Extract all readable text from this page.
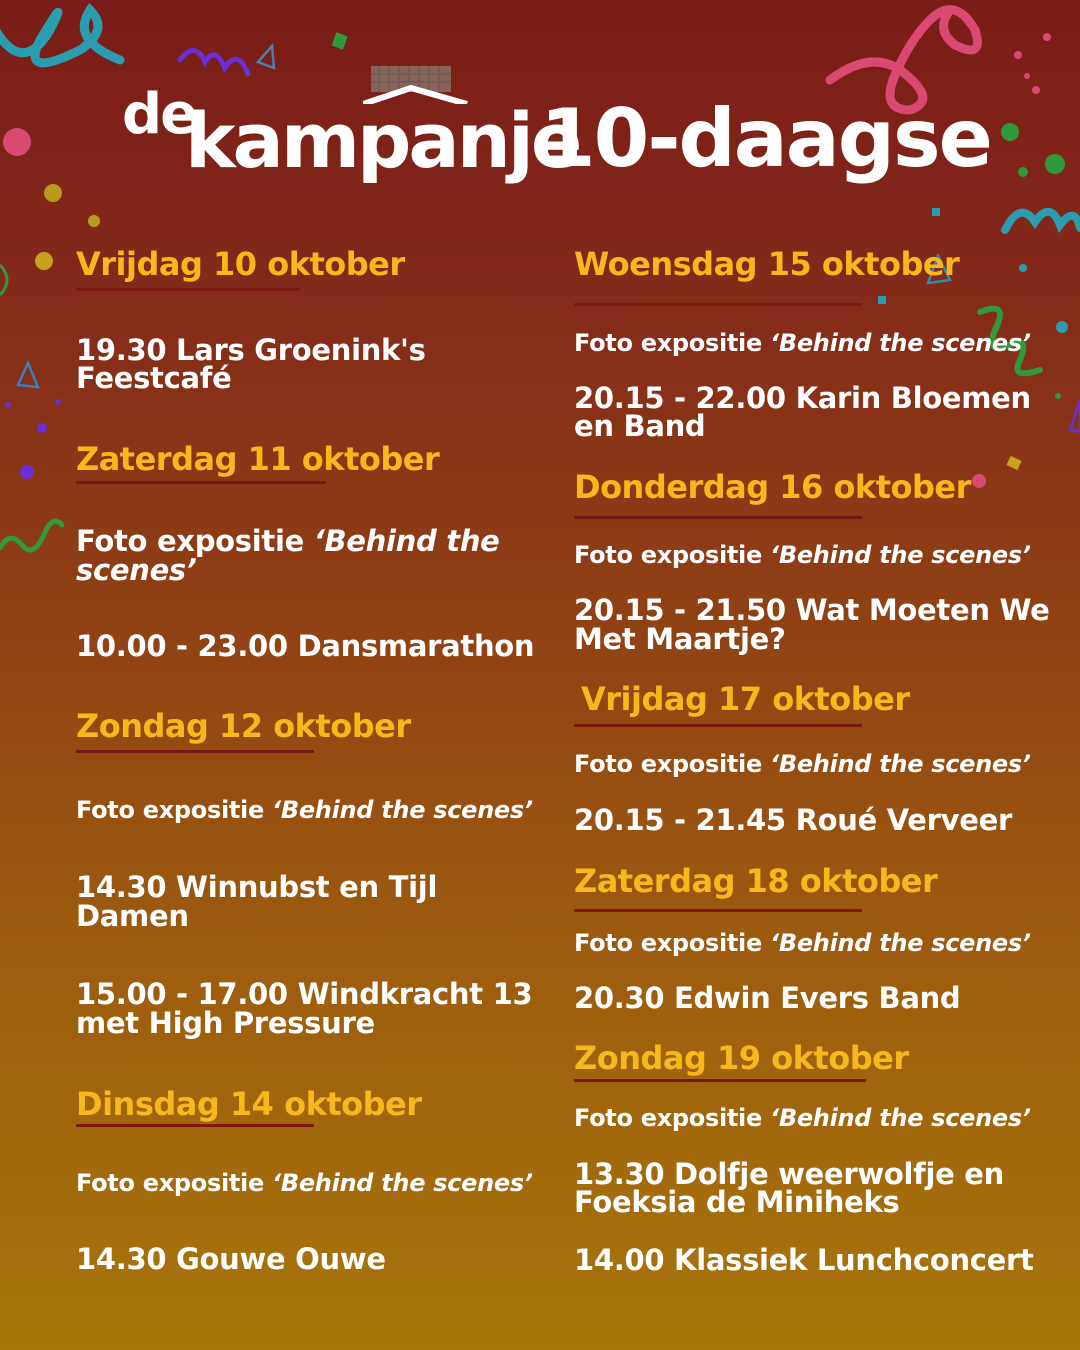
de
kampanje
10-daagse
Vrijdag 10 oktober
19.30 Lars Groenink's
Feestcafé
Zaterdag 11 oktober
Foto expositie ‘Behind the
scenes’
10.00 - 23.00 Dansmarathon
Zondag 12 oktober
Foto expositie ‘Behind the scenes’
14.30 Winnubst en Tijl
Damen
15.00 - 17.00 Windkracht 13
met High Pressure
Dinsdag 14 oktober
Foto expositie ‘Behind the scenes’
14.30 Gouwe Ouwe
Woensdag 15 oktober
Foto expositie ‘Behind the scenes’
20.15 - 22.00 Karin Bloemen
en Band
Donderdag 16 oktober
Foto expositie ‘Behind the scenes’
20.15 - 21.50 Wat Moeten We
Met Maartje?
Vrijdag 17 oktober
Foto expositie ‘Behind the scenes’
20.15 - 21.45 Roué Verveer
Zaterdag 18 oktober
Foto expositie ‘Behind the scenes’
20.30 Edwin Evers Band
Zondag 19 oktober
Foto expositie ‘Behind the scenes’
13.30 Dolfje weerwolfje en
Foeksia de Miniheks
14.00 Klassiek Lunchconcert
